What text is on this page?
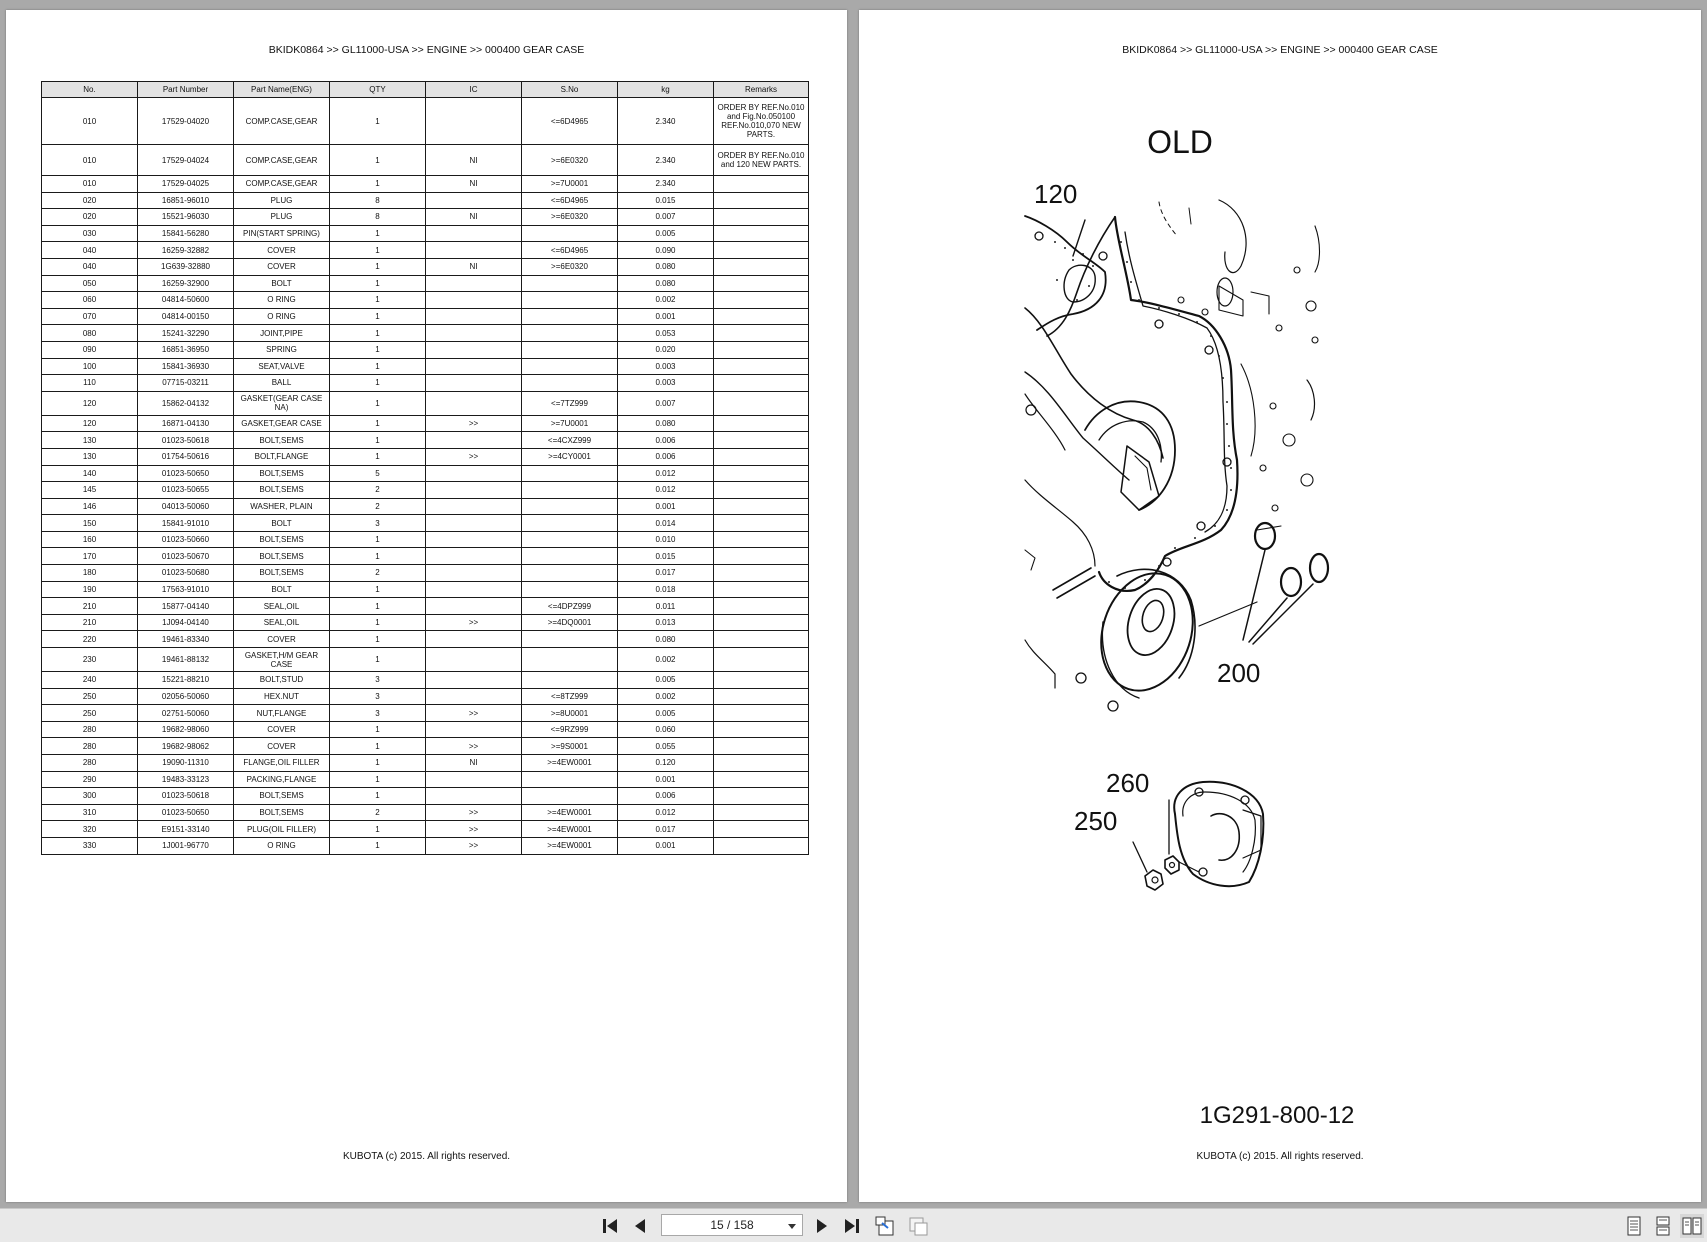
BKIDK0864 >> GL11000-USA >> ENGINE >> 000400 GEAR CASE
No.	Part Number	Part Name(ENG)	QTY	IC	S.No	kg	Remarks
010	17529-04020	COMP.CASE,GEAR	1		<=6D4965	2.340	ORDER BY REF.No.010 and Fig.No.050100 REF.No.010,070 NEW PARTS.
010	17529-04024	COMP.CASE,GEAR	1	NI	>=6E0320	2.340	ORDER BY REF.No.010 and 120 NEW PARTS.
010	17529-04025	COMP.CASE,GEAR	1	NI	>=7U0001	2.340	
020	16851-96010	PLUG	8		<=6D4965	0.015	
020	15521-96030	PLUG	8	NI	>=6E0320	0.007	
030	15841-56280	PIN(START SPRING)	1			0.005	
040	16259-32882	COVER	1		<=6D4965	0.090	
040	1G639-32880	COVER	1	NI	>=6E0320	0.080	
050	16259-32900	BOLT	1			0.080	
060	04814-50600	O RING	1			0.002	
070	04814-00150	O RING	1			0.001	
080	15241-32290	JOINT,PIPE	1			0.053	
090	16851-36950	SPRING	1			0.020	
100	15841-36930	SEAT,VALVE	1			0.003	
110	07715-03211	BALL	1			0.003	
120	15862-04132	GASKET(GEAR CASE NA)	1		<=7TZ999	0.007	
120	16871-04130	GASKET,GEAR CASE	1	>>	>=7U0001	0.080	
130	01023-50618	BOLT,SEMS	1		<=4CXZ999	0.006	
130	01754-50616	BOLT,FLANGE	1	>>	>=4CY0001	0.006	
140	01023-50650	BOLT,SEMS	5			0.012	
145	01023-50655	BOLT,SEMS	2			0.012	
146	04013-50060	WASHER, PLAIN	2			0.001	
150	15841-91010	BOLT	3			0.014	
160	01023-50660	BOLT,SEMS	1			0.010	
170	01023-50670	BOLT,SEMS	1			0.015	
180	01023-50680	BOLT,SEMS	2			0.017	
190	17563-91010	BOLT	1			0.018	
210	15877-04140	SEAL,OIL	1		<=4DPZ999	0.011	
210	1J094-04140	SEAL,OIL	1	>>	>=4DQ0001	0.013	
220	19461-83340	COVER	1			0.080	
230	19461-88132	GASKET,H/M GEAR CASE	1			0.002	
240	15221-88210	BOLT,STUD	3			0.005	
250	02056-50060	HEX.NUT	3		<=8TZ999	0.002	
250	02751-50060	NUT,FLANGE	3	>>	>=8U0001	0.005	
280	19682-98060	COVER	1		<=9RZ999	0.060	
280	19682-98062	COVER	1	>>	>=9S0001	0.055	
280	19090-11310	FLANGE,OIL FILLER	1	NI	>=4EW0001	0.120	
290	19483-33123	PACKING,FLANGE	1			0.001	
300	01023-50618	BOLT,SEMS	1			0.006	
310	01023-50650	BOLT,SEMS	2	>>	>=4EW0001	0.012	
320	E9151-33140	PLUG(OIL FILLER)	1	>>	>=4EW0001	0.017	
330	1J001-96770	O RING	1	>>	>=4EW0001	0.001	
KUBOTA (c) 2015. All rights reserved.
BKIDK0864 >> GL11000-USA >> ENGINE >> 000400 GEAR CASE
OLD
120
200
260
250
1G291-800-12
KUBOTA (c) 2015. All rights reserved.
15 / 158
